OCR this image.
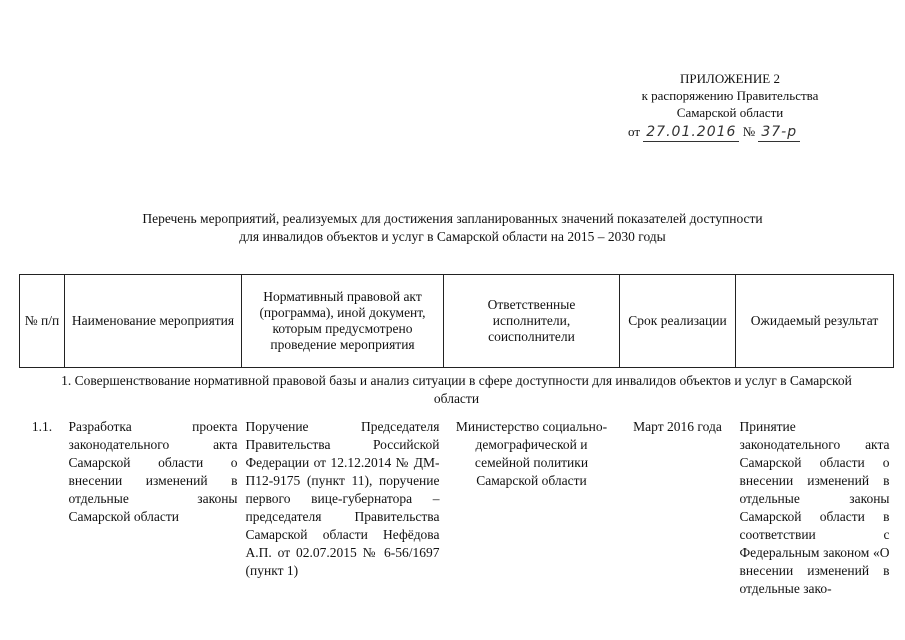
ПРИЛОЖЕНИЕ 2
к распоряжению Правительства
Самарской области
от 27.01.2016 № 37-р
Перечень мероприятий, реализуемых для достижения запланированных значений показателей доступности
для инвалидов объектов и услуг в Самарской области на 2015 – 2030 годы
№ п/п	Наименование мероприятия	Нормативный правовой акт (программа), иной документ, которым предусмотрено проведение мероприятия	Ответственные исполнители, соисполнители	Срок реализации	Ожидаемый результат
1. Совершенствование нормативной правовой базы и анализ ситуации в сфере доступности для инвалидов объектов и услуг в Самарской области					
1.1.	Разработка проекта законодательного акта Самарской области о внесении изменений в отдельные законы Самарской области	Поручение Председателя Правительства Российской Федерации от 12.12.2014 № ДМ-П12-9175 (пункт 11), поручение первого вице-губернатора – председателя Правительства Самарской области Нефёдова А.П. от 02.07.2015 № 6-56/1697 (пункт 1)	Министерство социально-демографической и семейной политики Самарской области	Март 2016 года	Принятие законодательного акта Самарской области о внесении изменений в отдельные законы Самарской области в соответствии с Федеральным законом «О внесении изменений в отдельные зако-
